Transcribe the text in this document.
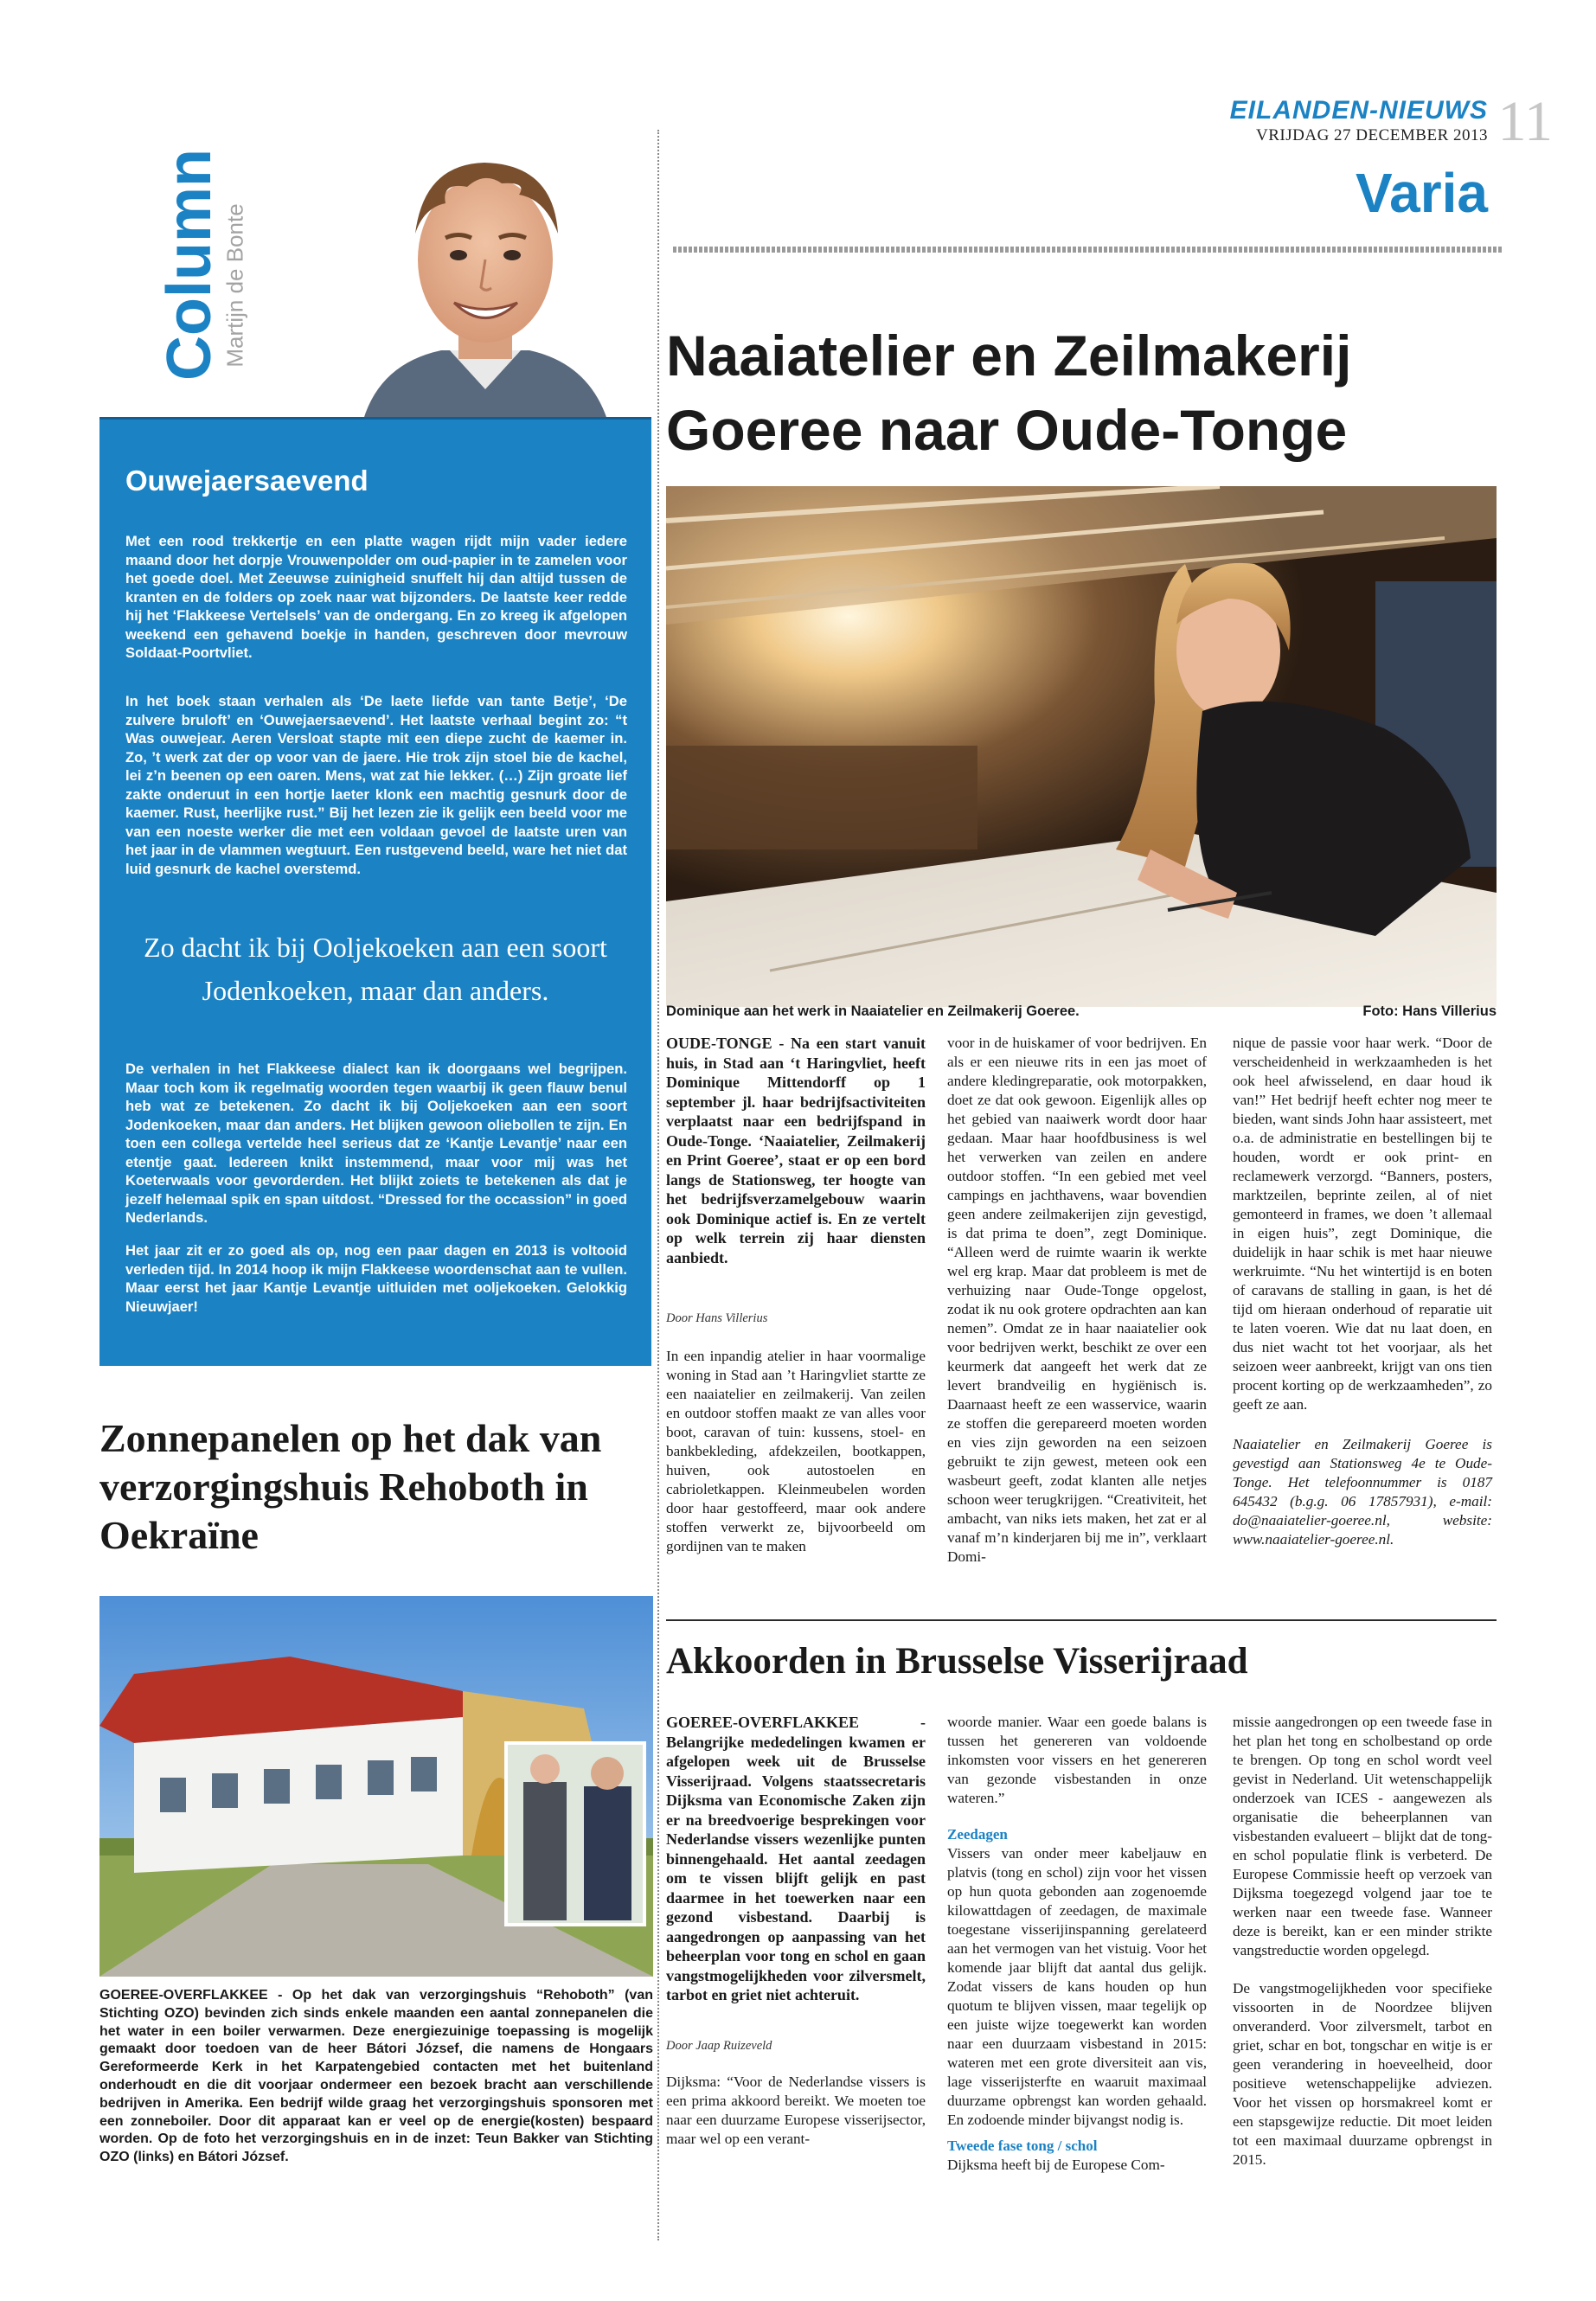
EILANDEN-NIEUWS
VRIJDAG 27 DECEMBER 2013 11
Varia
Column
Martijn de Bonte
Ouwejaersaevend

Met een rood trekkertje en een platte wagen rijdt mijn vader iedere maand door het dorpje Vrouwenpolder om oud-papier in te zamelen voor het goede doel. Met Zeeuwse zuinigheid snuffelt hij dan altijd tussen de kranten en de folders op zoek naar wat bijzonders. De laatste keer redde hij het ‘Flakkeese Vertelsels’ van de ondergang. En zo kreeg ik afgelopen weekend een gehavend boekje in handen, geschreven door mevrouw Soldaat-Poortvliet.

In het boek staan verhalen als ‘De laete liefde van tante Betje’, ‘De zulvere bruloft’ en ‘Ouwejaersaevend’. Het laatste verhaal begint zo: “t Was ouwejear. Aeren Versloat stapte mit een diepe zucht de kaemer in. Zo, ’t werk zat der op voor van de jaere. Hie trok zijn stoel bie de kachel, lei z’n beenen op een oaren. Mens, wat zat hie lekker. (…) Zijn groate lief zakte onderuut in een hortje laeter klonk een machtig gesnurk door de kaemer. Rust, heerlijke rust.” Bij het lezen zie ik gelijk een beeld voor me van een noeste werker die met een voldaan gevoel de laatste uren van het jaar in de vlammen wegtuurt. Een rustgevend beeld, ware het niet dat luid gesnurk de kachel overstemd.

Zo dacht ik bij Ooljekoeken aan een soort Jodenkoeken, maar dan anders.

De verhalen in het Flakkeese dialect kan ik doorgaans wel begrijpen. Maar toch kom ik regelmatig woorden tegen waarbij ik geen flauw benul heb wat ze betekenen. Zo dacht ik bij Ooljekoeken aan een soort Jodenkoeken, maar dan anders. Het blijken gewoon oliebollen te zijn. En toen een collega vertelde heel serieus dat ze ‘Kantje Levantje’ naar een etentje gaat. Iedereen knikt instemmend, maar voor mij was het Koeterwaals voor gevorderden. Het blijkt zoiets te betekenen als dat je jezelf helemaal spik en span uitdost. “Dressed for the occassion” in goed Nederlands.

Het jaar zit er zo goed als op, nog een paar dagen en 2013 is voltooid verleden tijd. In 2014 hoop ik mijn Flakkeese woordenschat aan te vullen. Maar eerst het jaar Kantje Levantje uitluiden met ooljekoeken. Gelokkig Nieuwjaer!

Naaiatelier en Zeilmakerij
Goeree naar Oude-Tonge
Dominique aan het werk in Naaiatelier en Zeilmakerij Goeree.	Foto: Hans Villerius

OUDE-TONGE - Na een start vanuit huis, in Stad aan ‘t Haringvliet, heeft Dominique Mittendorff op 1 september jl. haar bedrijfsactiviteiten verplaatst naar een bedrijfspand in Oude-Tonge. ‘Naaiatelier, Zeilmakerij en Print Goeree’, staat er op een bord langs de Stationsweg, ter hoogte van het bedrijfsverzamelgebouw waarin ook Dominique actief is. En ze vertelt op welk terrein zij haar diensten aanbiedt.

Door Hans Villerius

In een inpandig atelier in haar voormalige woning in Stad aan ’t Haringvliet startte ze een naaiatelier en zeilmakerij. Van zeilen en outdoor stoffen maakt ze van alles voor boot, caravan of tuin: kussens, stoel- en bankbekleding, afdekzeilen, bootkappen, huiven, ook autostoelen en cabrioletkappen. Kleinmeubelen worden door haar gestoffeerd, maar ook andere stoffen verwerkt ze, bijvoorbeeld om gordijnen van te maken

voor in de huiskamer of voor bedrijven. En als er een nieuwe rits in een jas moet of andere kledingreparatie, ook motorpakken, doet ze dat ook gewoon. Eigenlijk alles op het gebied van naaiwerk wordt door haar gedaan. Maar haar hoofdbusiness is wel het verwerken van zeilen en andere outdoor stoffen. “In een gebied met veel campings en jachthavens, waar bovendien geen andere zeilmakerijen zijn gevestigd, is dat prima te doen”, zegt Dominique. “Alleen werd de ruimte waarin ik werkte wel erg krap. Maar dat probleem is met de verhuizing naar Oude-Tonge opgelost, zodat ik nu ook grotere opdrachten aan kan nemen”. Omdat ze in haar naaiatelier ook voor bedrijven werkt, beschikt ze over een keurmerk dat aangeeft het werk dat ze levert brandveilig en hygiënisch is. Daarnaast heeft ze een wasservice, waarin ze stoffen die gerepareerd moeten worden en vies zijn geworden na een seizoen gebruikt te zijn gewest, meteen ook een wasbeurt geeft, zodat klanten alle netjes schoon weer terugkrijgen. “Creativiteit, het ambacht, van niks iets maken, het zat er al vanaf m’n kinderjaren bij me in”, verklaart Domi-

nique de passie voor haar werk. “Door de verscheidenheid in werkzaamheden is het ook heel afwisselend, en daar houd ik van!” Het bedrijf heeft echter nog meer te bieden, want sinds John haar assisteert, met o.a. de administratie en bestellingen bij te houden, wordt er ook print- en reclamewerk verzorgd. “Banners, posters, marktzeilen, beprinte zeilen, al of niet gemonteerd in frames, we doen ’t allemaal in eigen huis”, zegt Dominique, die duidelijk in haar schik is met haar nieuwe werkruimte. “Nu het wintertijd is en boten of caravans de stalling in gaan, is het dé tijd om hieraan onderhoud of reparatie uit te laten voeren. Wie dat nu laat doen, en dus niet wacht tot het voorjaar, als het seizoen weer aanbreekt, krijgt van ons tien procent korting op de werkzaamheden”, zo geeft ze aan.

Naaiatelier en Zeilmakerij Goeree is gevestigd aan Stationsweg 4e te Oude-Tonge. Het telefoonnummer is 0187 645432 (b.g.g. 06 17857931), e-mail: do@naaiatelier-goeree.nl, website: www.naaiatelier-goeree.nl.

Zonnepanelen op het dak van verzorgingshuis Rehoboth in Oekraïne
GOEREE-OVERFLAKKEE - Op het dak van verzorgingshuis “Rehoboth” (van Stichting OZO) bevinden zich sinds enkele maanden een aantal zonnepanelen die het water in een boiler verwarmen. Deze energiezuinige toepassing is mogelijk gemaakt door toedoen van de heer Bátori József, die namens de Hongaars Gereformeerde Kerk in het Karpatengebied contacten met het buitenland onderhoudt en die dit voorjaar ondermeer een bezoek bracht aan verschillende bedrijven in Amerika. Een bedrijf wilde graag het verzorgingshuis sponsoren met een zonneboiler. Door dit apparaat kan er veel op de energie(kosten) bespaard worden. Op de foto het verzorgingshuis en in de inzet: Teun Bakker van Stichting OZO (links) en Bátori József.
Akkoorden in Brusselse Visserijraad

GOEREE-OVERFLAKKEE - Belangrijke mededelingen kwamen er afgelopen week uit de Brusselse Visserijraad. Volgens staatssecretaris Dijksma van Economische Zaken zijn er na breedvoerige besprekingen voor Nederlandse vissers wezenlijke punten binnengehaald. Het aantal zeedagen om te vissen blijft gelijk en past daarmee in het toewerken naar een gezond visbestand. Daarbij is aangedrongen op aanpassing van het beheerplan voor tong en schol en gaan vangstmogelijkheden voor zilversmelt, tarbot en griet niet achteruit.

Door Jaap Ruizeveld

Dijksma: “Voor de Nederlandse vissers is een prima akkoord bereikt. We moeten toe naar een duurzame Europese visserijsector, maar wel op een verant-

woorde manier. Waar een goede balans is tussen het genereren van voldoende inkomsten voor vissers en het genereren van gezonde visbestanden in onze wateren.”

Zeedagen

Vissers van onder meer kabeljauw en platvis (tong en schol) zijn voor het vissen op hun quota gebonden aan zogenoemde kilowattdagen of zeedagen, de maximale toegestane visserijinspanning gerelateerd aan het vermogen van het vistuig. Voor het komende jaar blijft dat aantal dus gelijk. Zodat vissers de kans houden op hun quotum te blijven vissen, maar tegelijk op een juiste wijze toegewerkt kan worden naar een duurzaam visbestand in 2015: wateren met een grote diversiteit aan vis, lage visserijsterfte en waaruit maximaal duurzame opbrengst kan worden gehaald. En zodoende minder bijvangst nodig is.

Tweede fase tong / schol

Dijksma heeft bij de Europese Com-

missie aangedrongen op een tweede fase in het plan het tong en scholbestand op orde te brengen. Op tong en schol wordt veel gevist in Nederland. Uit wetenschappelijk onderzoek van ICES - aangewezen als organisatie die beheerplannen van visbestanden evalueert – blijkt dat de tong- en schol populatie flink is verbeterd. De Europese Commissie heeft op verzoek van Dijksma toegezegd volgend jaar toe te werken naar een tweede fase. Wanneer deze is bereikt, kan er een minder strikte vangstreductie worden opgelegd.

De vangstmogelijkheden voor specifieke vissoorten in de Noordzee blijven onveranderd. Voor zilversmelt, tarbot en griet, schar en bot, tongschar en witje is er geen verandering in hoeveelheid, door positieve wetenschappelijke adviezen. Voor het vissen op horsmakreel komt er een stapsgewijze reductie. Dit moet leiden tot een maximaal duurzame opbrengst in 2015.
